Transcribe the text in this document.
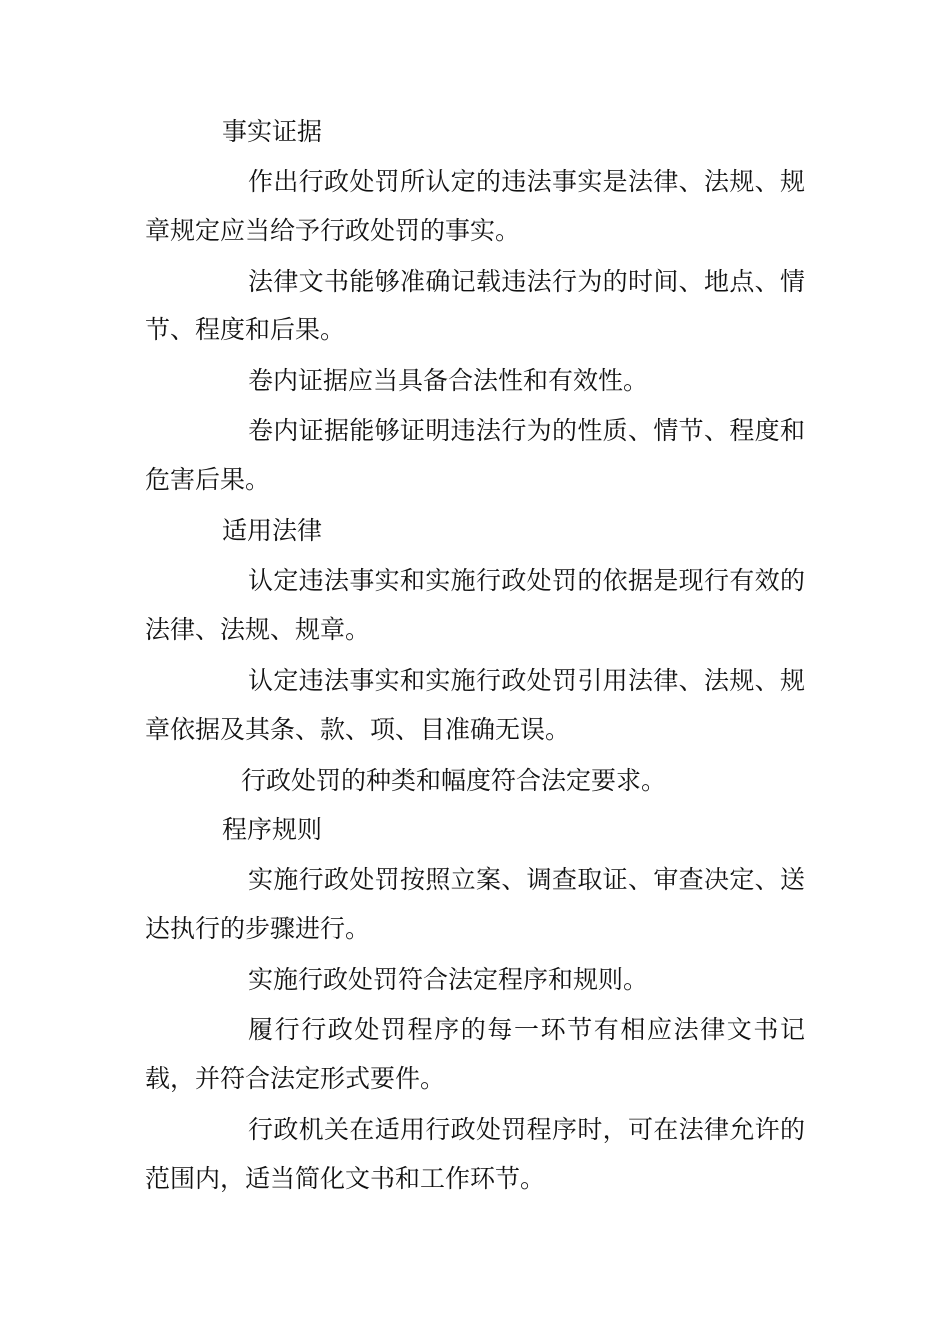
事实证据
作出行政处罚所认定的违法事实是法律、法规、规
章规定应当给予行政处罚的事实。
法律文书能够准确记载违法行为的时间、地点、情
节、程度和后果。
卷内证据应当具备合法性和有效性。
卷内证据能够证明违法行为的性质、情节、程度和
危害后果。
适用法律
认定违法事实和实施行政处罚的依据是现行有效的
法律、法规、规章。
认定违法事实和实施行政处罚引用法律、法规、规
章依据及其条、款、项、目准确无误。
行政处罚的种类和幅度符合法定要求。
程序规则
实施行政处罚按照立案、调查取证、审查决定、送
达执行的步骤进行。
实施行政处罚符合法定程序和规则。
履行行政处罚程序的每一环节有相应法律文书记
载，并符合法定形式要件。
行政机关在适用行政处罚程序时，可在法律允许的
范围内，适当简化文书和工作环节。
